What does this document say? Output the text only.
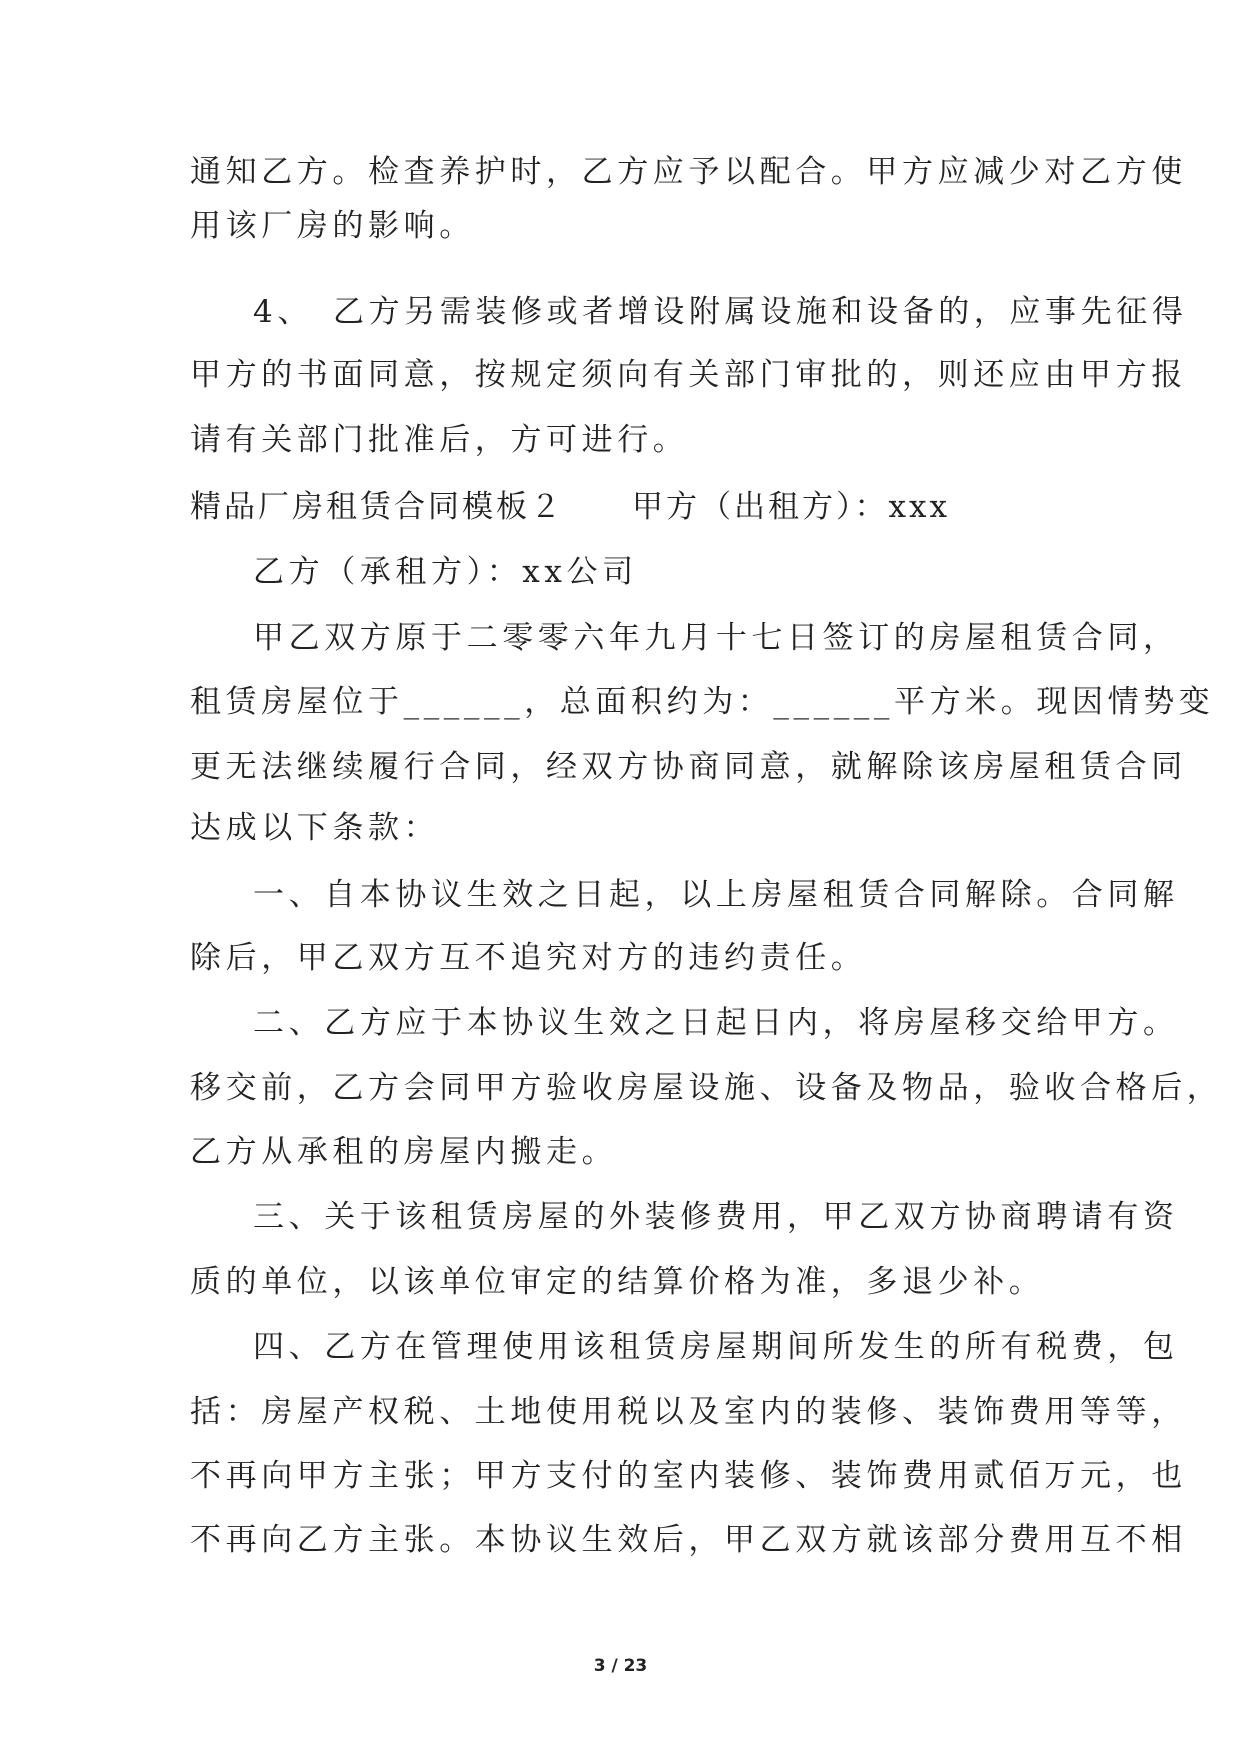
通知乙方。检查养护时，乙方应予以配合。甲方应减少对乙方使
用该厂房的影响。
4、　乙方另需装修或者增设附属设施和设备的，应事先征得
甲方的书面同意，按规定须向有关部门审批的，则还应由甲方报
请有关部门批准后，方可进行。
精品厂房租赁合同模板２　　甲方（出租方）：xxx
乙方（承租方）：xx公司
甲乙双方原于二零零六年九月十七日签订的房屋租赁合同，
租赁房屋位于______，总面积约为：______平方米。现因情势变
更无法继续履行合同，经双方协商同意，就解除该房屋租赁合同
达成以下条款：
一、自本协议生效之日起，以上房屋租赁合同解除。合同解
除后，甲乙双方互不追究对方的违约责任。
二、乙方应于本协议生效之日起日内，将房屋移交给甲方。
移交前，乙方会同甲方验收房屋设施、设备及物品，验收合格后，
乙方从承租的房屋内搬走。
三、关于该租赁房屋的外装修费用，甲乙双方协商聘请有资
质的单位，以该单位审定的结算价格为准，多退少补。
四、乙方在管理使用该租赁房屋期间所发生的所有税费，包
括：房屋产权税、土地使用税以及室内的装修、装饰费用等等，
不再向甲方主张；甲方支付的室内装修、装饰费用贰佰万元，也
不再向乙方主张。本协议生效后，甲乙双方就该部分费用互不相
3 / 23
